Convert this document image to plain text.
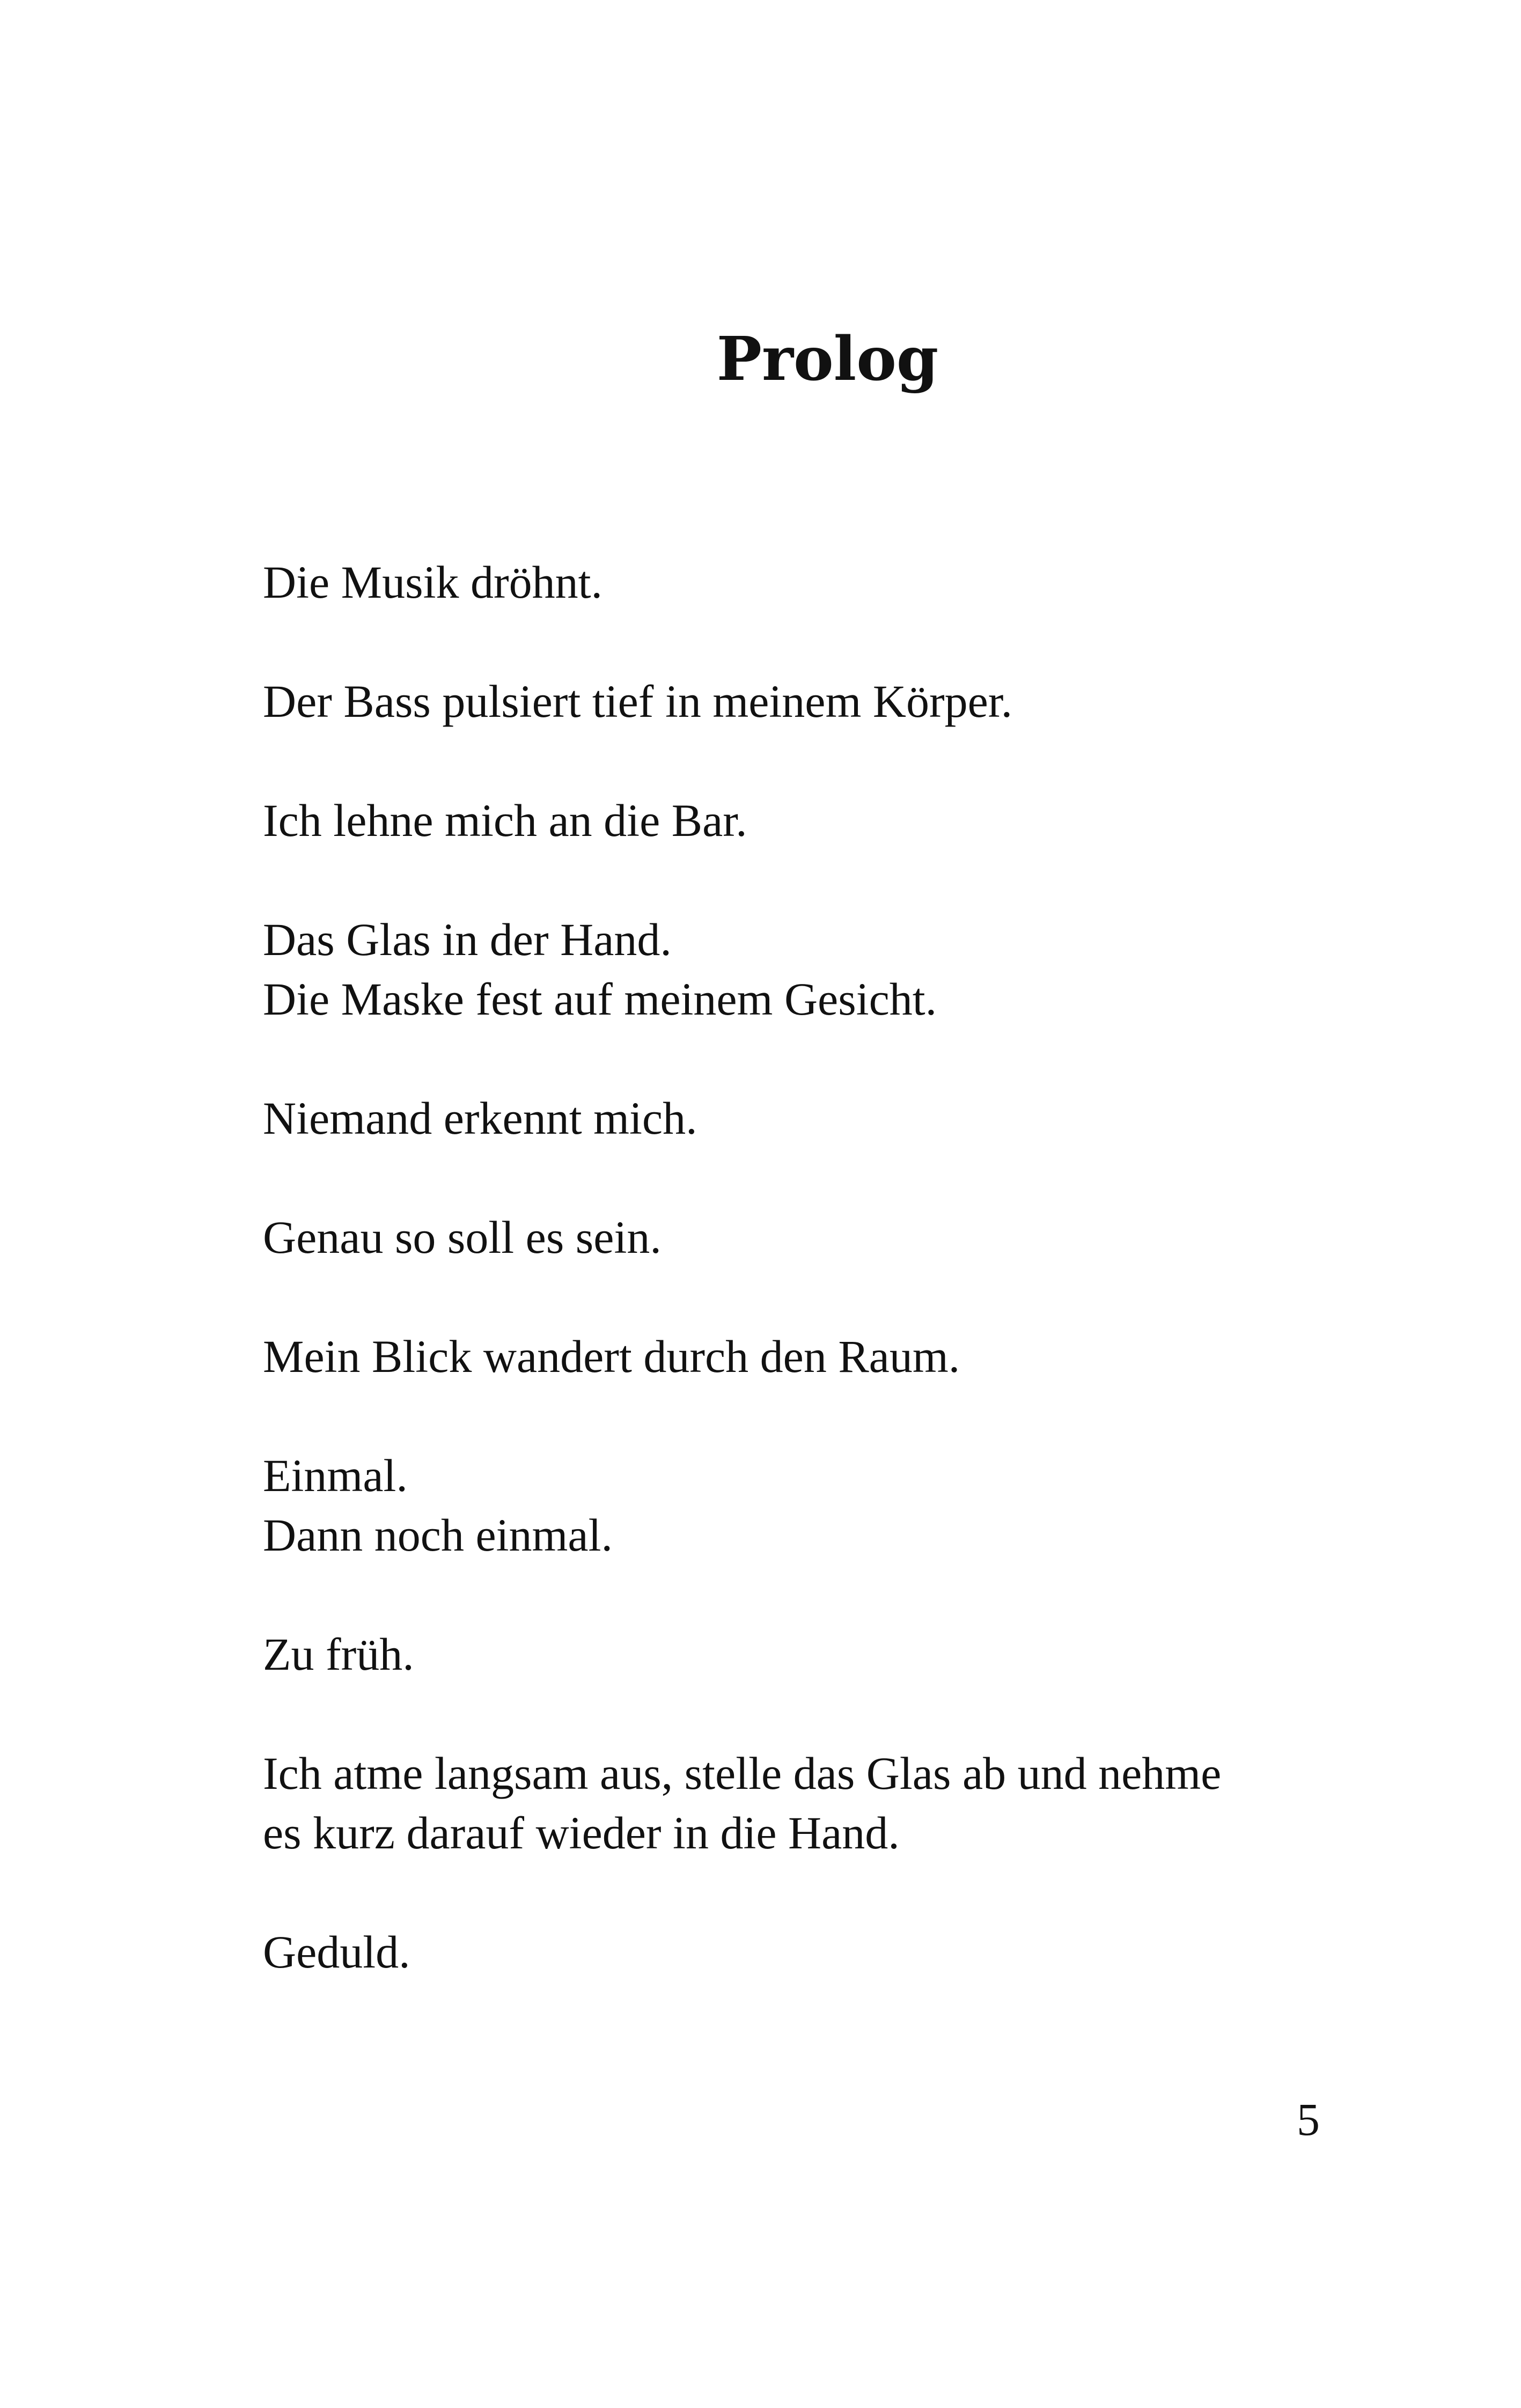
Prolog

Die Musik dröhnt.

Der Bass pulsiert tief in meinem Körper.

Ich lehne mich an die Bar.

Das Glas in der Hand.
Die Maske fest auf meinem Gesicht.

Niemand erkennt mich.

Genau so soll es sein.

Mein Blick wandert durch den Raum.

Einmal.
Dann noch einmal.

Zu früh.

Ich atme langsam aus, stelle das Glas ab und nehme
es kurz darauf wieder in die Hand.

Geduld.

5
